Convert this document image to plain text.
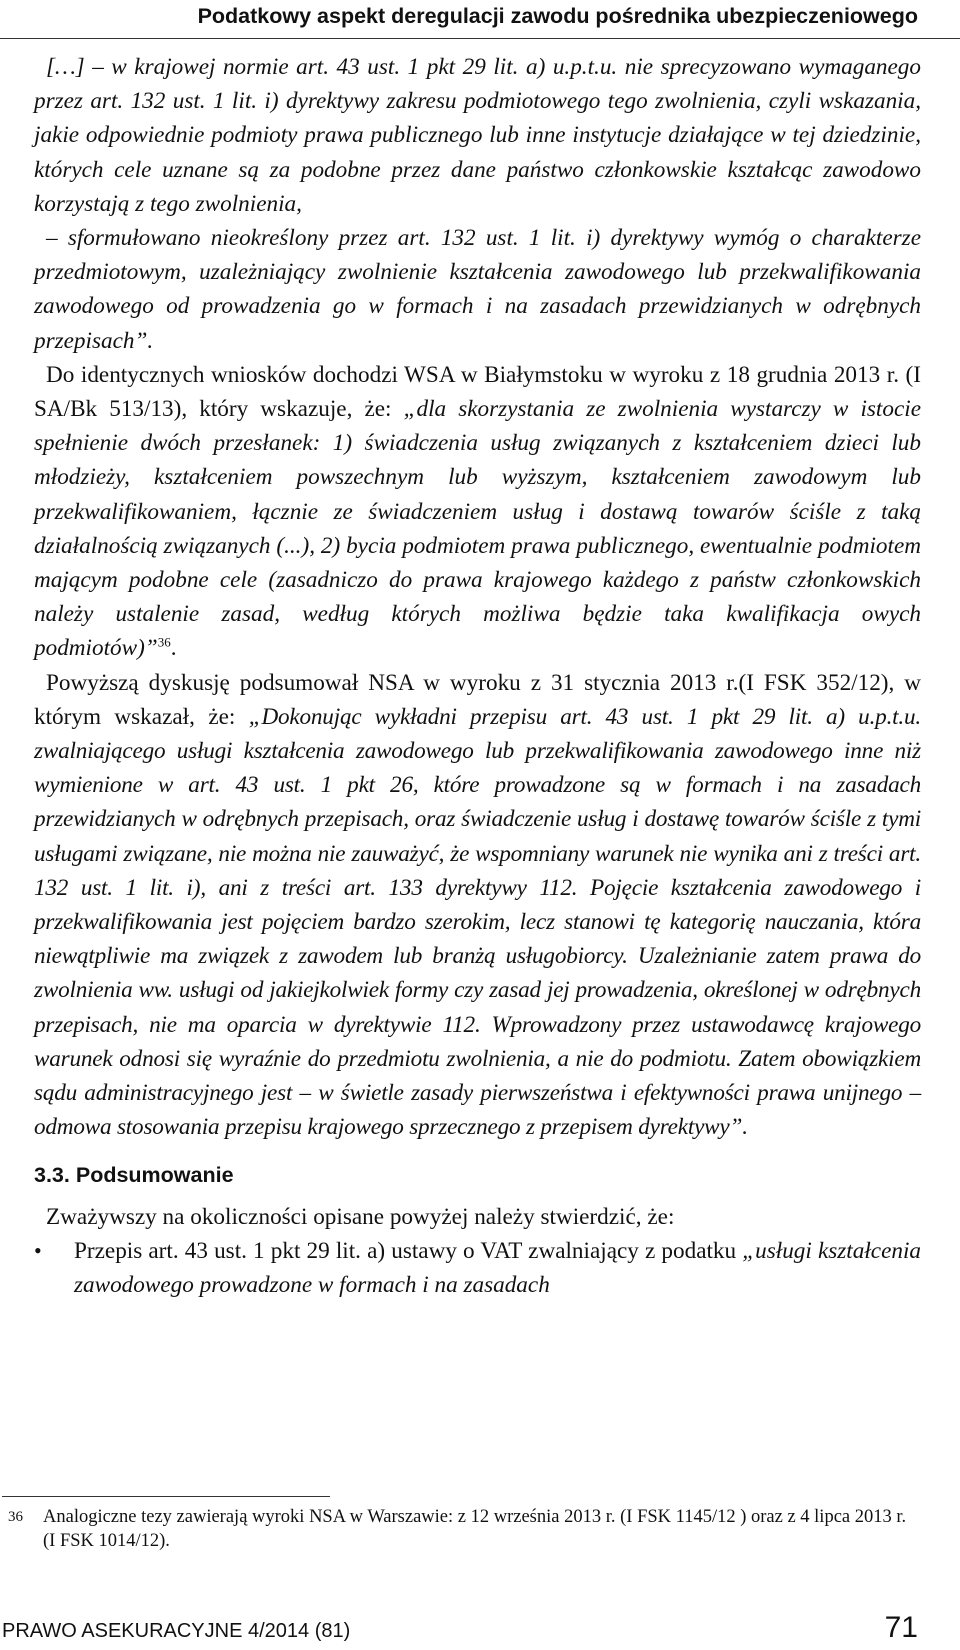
Podatkowy aspekt deregulacji zawodu pośrednika ubezpieczeniowego

[…] – w krajowej normie art. 43 ust. 1 pkt 29 lit. a) u.p.t.u. nie sprecyzowano wymaganego przez art. 132 ust. 1 lit. i) dyrektywy zakresu podmiotowego tego zwolnienia, czyli wskazania, jakie odpowiednie podmioty prawa publicznego lub inne instytucje działające w tej dziedzinie, których cele uznane są za podobne przez dane państwo członkowskie kształcąc zawodowo korzystają z tego zwolnienia,

– sformułowano nieokreślony przez art. 132 ust. 1 lit. i) dyrektywy wymóg o charakterze przedmiotowym, uzależniający zwolnienie kształcenia zawodowego lub przekwalifikowania zawodowego od prowadzenia go w formach i na zasadach przewidzianych w odrębnych przepisach”.

Do identycznych wniosków dochodzi WSA w Białymstoku w wyroku z 18 grudnia 2013 r. (I SA/Bk 513/13), który wskazuje, że: „dla skorzystania ze zwolnienia wystarczy w istocie spełnienie dwóch przesłanek: 1) świadczenia usług związanych z kształceniem dzieci lub młodzieży, kształceniem powszechnym lub wyższym, kształceniem zawodowym lub przekwalifikowaniem, łącznie ze świadczeniem usług i dostawą towarów ściśle z taką działalnością związanych (...), 2) bycia podmiotem prawa publicznego, ewentualnie podmiotem mającym podobne cele (zasadniczo do prawa krajowego każdego z państw członkowskich należy ustalenie zasad, według których możliwa będzie taka kwalifikacja owych podmiotów)”$^{36}$.

Powyższą dyskusję podsumował NSA w wyroku z 31 stycznia 2013 r.(I FSK 352/12), w którym wskazał, że: „Dokonując wykładni przepisu art. 43 ust. 1 pkt 29 lit. a) u.p.t.u. zwalniającego usługi kształcenia zawodowego lub przekwalifikowania zawodowego inne niż wymienione w art. 43 ust. 1 pkt 26, które prowadzone są w formach i na zasadach przewidzianych w odrębnych przepisach, oraz świadczenie usług i dostawę towarów ściśle z tymi usługami związane, nie można nie zauważyć, że wspomniany warunek nie wynika ani z treści art. 132 ust. 1 lit. i), ani z treści art. 133 dyrektywy 112. Pojęcie kształcenia zawodowego i przekwalifikowania jest pojęciem bardzo szerokim, lecz stanowi tę kategorię nauczania, która niewątpliwie ma związek z zawodem lub branżą usługobiorcy. Uzależnianie zatem prawa do zwolnienia ww. usługi od jakiejkolwiek formy czy zasad jej prowadzenia, określonej w odrębnych przepisach, nie ma oparcia w dyrektywie 112. Wprowadzony przez ustawodawcę krajowego warunek odnosi się wyraźnie do przedmiotu zwolnienia, a nie do podmiotu. Zatem obowiązkiem sądu administracyjnego jest – w świetle zasady pierwszeństwa i efektywności prawa unijnego – odmowa stosowania przepisu krajowego sprzecznego z przepisem dyrektywy”.

3.3. Podsumowanie

Zważywszy na okoliczności opisane powyżej należy stwierdzić, że:

•	Przepis art. 43 ust. 1 pkt 29 lit. a) ustawy o VAT zwalniający z podatku „usługi kształcenia zawodowego prowadzone w formach i na zasadach
36	Analogiczne tezy zawierają wyroki NSA w Warszawie: z 12 września 2013 r. (I FSK 1145/12 ) oraz z 4 lipca 2013 r. (I FSK 1014/12).
PRAWO ASEKURACYJNE 4/2014 (81)	71
